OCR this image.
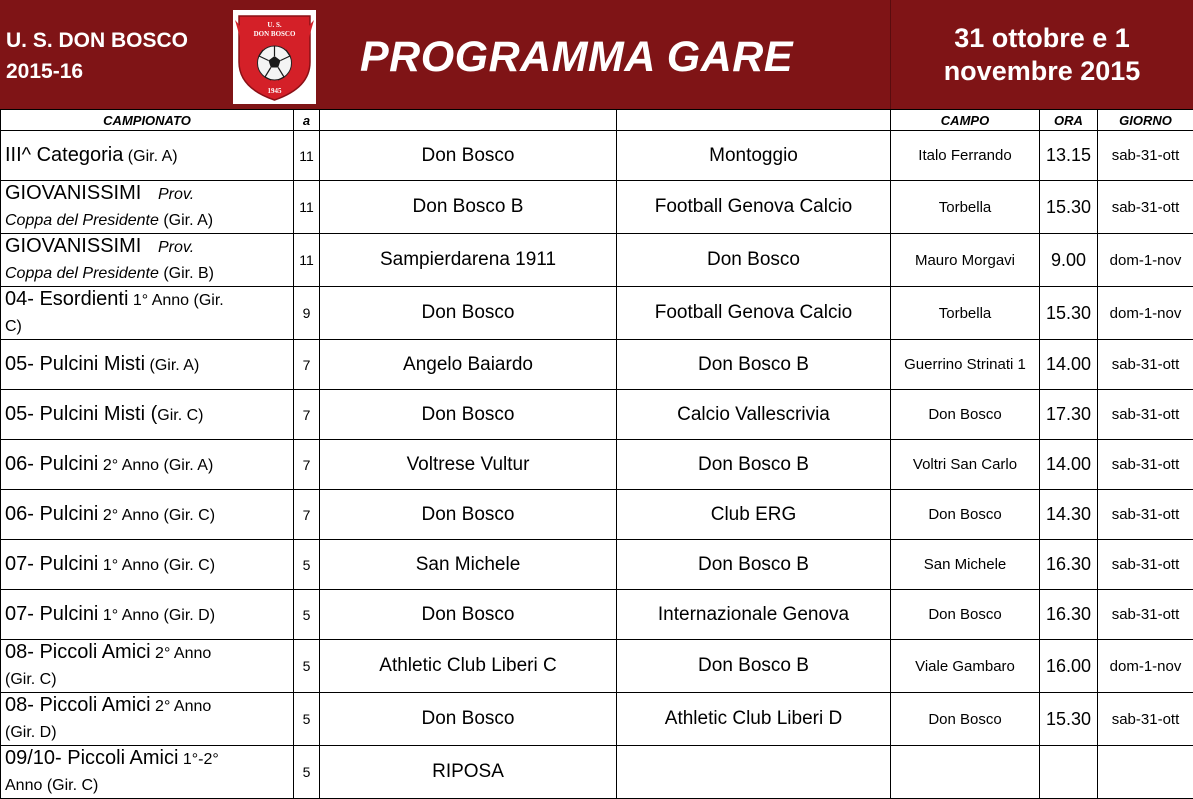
U. S. DON BOSCO
2015-16
U. S.
DON BOSCO
1945
PROGRAMMA GARE	31 ottobre e 1
novembre 2015
CAMPIONATO	a			CAMPO	ORA	GIORNO

III^ Categoria (Gir. A)	11	Don Bosco	Montoggio	Italo Ferrando	13.15	sab-31-ott

GIOVANISSIMI Prov.
Coppa del Presidente (Gir. A)	11	Don Bosco B	Football Genova Calcio	Torbella	15.30	sab-31-ott

GIOVANISSIMI Prov.
Coppa del Presidente (Gir. B)	11	Sampierdarena 1911	Don Bosco	Mauro Morgavi	9.00	dom-1-nov

04- Esordienti 1° Anno (Gir.
C)	9	Don Bosco	Football Genova Calcio	Torbella	15.30	dom-1-nov

05- Pulcini Misti (Gir. A)	7	Angelo Baiardo	Don Bosco B	Guerrino Strinati 1	14.00	sab-31-ott

05- Pulcini Misti (Gir. C)	7	Don Bosco	Calcio Vallescrivia	Don Bosco	17.30	sab-31-ott

06- Pulcini 2° Anno (Gir. A)	7	Voltrese Vultur	Don Bosco B	Voltri San Carlo	14.00	sab-31-ott

06- Pulcini 2° Anno (Gir. C)	7	Don Bosco	Club ERG	Don Bosco	14.30	sab-31-ott

07- Pulcini 1° Anno (Gir. C)	5	San Michele	Don Bosco B	San Michele	16.30	sab-31-ott

07- Pulcini 1° Anno (Gir. D)	5	Don Bosco	Internazionale Genova	Don Bosco	16.30	sab-31-ott

08- Piccoli Amici 2° Anno
(Gir. C)	5	Athletic Club Liberi C	Don Bosco B	Viale Gambaro	16.00	dom-1-nov

08- Piccoli Amici 2° Anno
(Gir. D)	5	Don Bosco	Athletic Club Liberi D	Don Bosco	15.30	sab-31-ott

09/10- Piccoli Amici 1°-2°
Anno (Gir. C)	5	RIPOSA				
